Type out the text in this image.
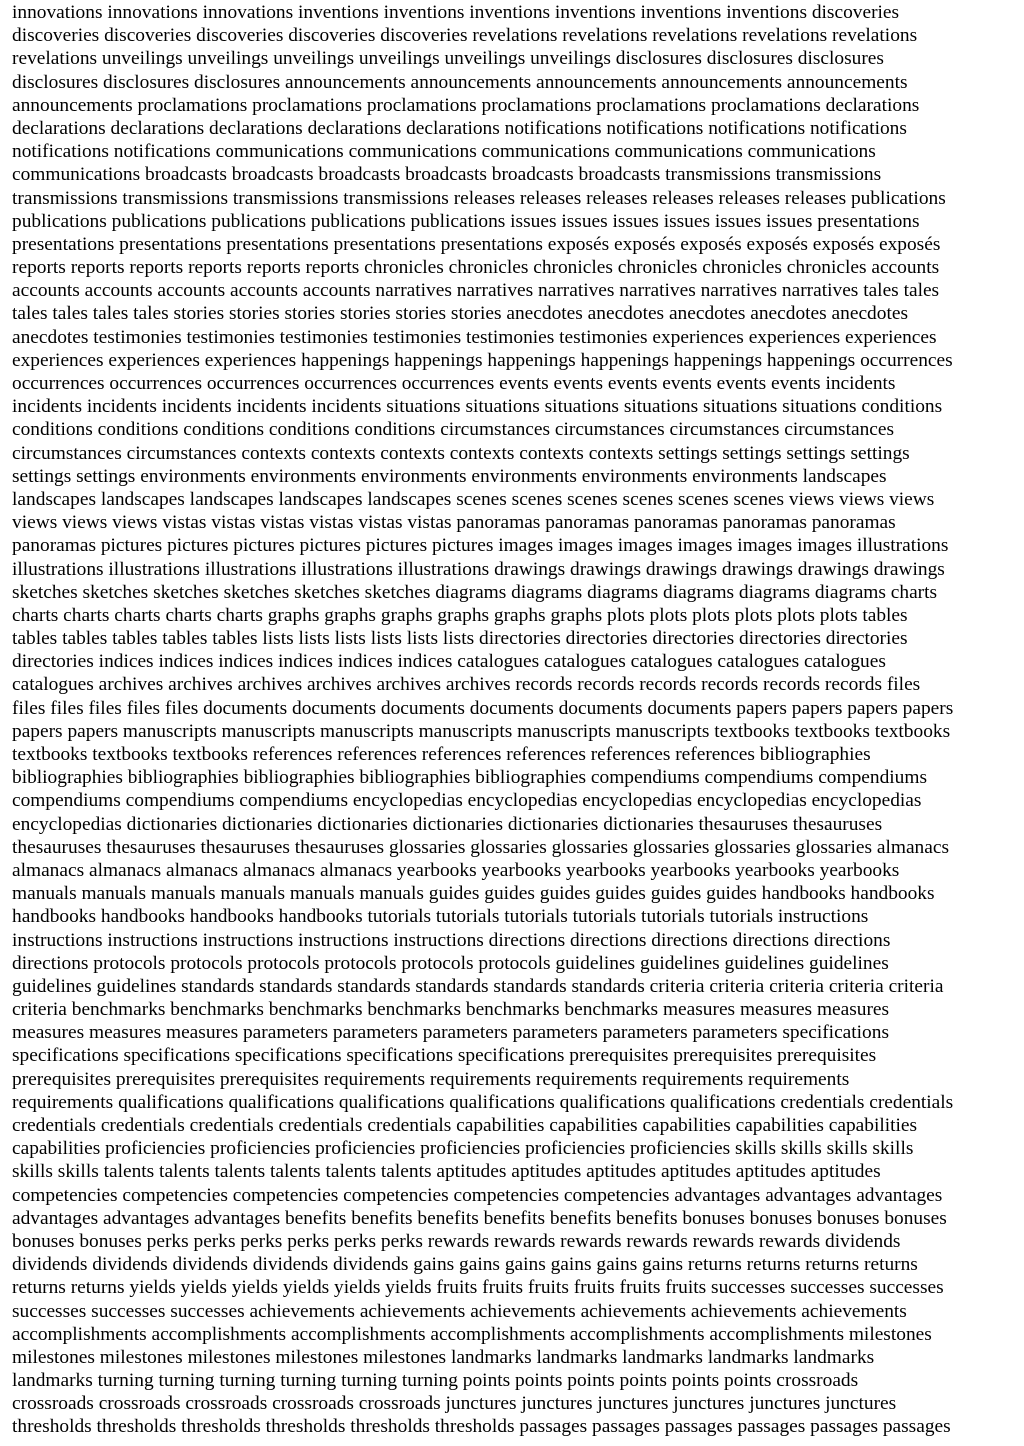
innovations innovations innovations inventions inventions inventions inventions inventions inventions discoveries

discoveries discoveries discoveries discoveries discoveries revelations revelations revelations revelations revelations

revelations unveilings unveilings unveilings unveilings unveilings unveilings disclosures disclosures disclosures

disclosures disclosures disclosures announcements announcements announcements announcements announcements

announcements proclamations proclamations proclamations proclamations proclamations proclamations declarations

declarations declarations declarations declarations declarations notifications notifications notifications notifications

notifications notifications communications communications communications communications communications

communications broadcasts broadcasts broadcasts broadcasts broadcasts broadcasts transmissions transmissions

transmissions transmissions transmissions transmissions releases releases releases releases releases releases publications

publications publications publications publications publications issues issues issues issues issues issues presentations

presentations presentations presentations presentations presentations exposés exposés exposés exposés exposés exposés

reports reports reports reports reports reports chronicles chronicles chronicles chronicles chronicles chronicles accounts

accounts accounts accounts accounts accounts narratives narratives narratives narratives narratives narratives tales tales

tales tales tales tales stories stories stories stories stories stories anecdotes anecdotes anecdotes anecdotes anecdotes

anecdotes testimonies testimonies testimonies testimonies testimonies testimonies experiences experiences experiences

experiences experiences experiences happenings happenings happenings happenings happenings happenings occurrences

occurrences occurrences occurrences occurrences occurrences events events events events events events incidents

incidents incidents incidents incidents incidents situations situations situations situations situations situations conditions

conditions conditions conditions conditions conditions circumstances circumstances circumstances circumstances

circumstances circumstances contexts contexts contexts contexts contexts contexts settings settings settings settings

settings settings environments environments environments environments environments environments landscapes

landscapes landscapes landscapes landscapes landscapes scenes scenes scenes scenes scenes scenes views views views

views views views vistas vistas vistas vistas vistas vistas panoramas panoramas panoramas panoramas panoramas

panoramas pictures pictures pictures pictures pictures pictures images images images images images images illustrations

illustrations illustrations illustrations illustrations illustrations drawings drawings drawings drawings drawings drawings

sketches sketches sketches sketches sketches sketches diagrams diagrams diagrams diagrams diagrams diagrams charts

charts charts charts charts charts graphs graphs graphs graphs graphs graphs plots plots plots plots plots plots tables

tables tables tables tables tables lists lists lists lists lists lists directories directories directories directories directories

directories indices indices indices indices indices indices catalogues catalogues catalogues catalogues catalogues

catalogues archives archives archives archives archives archives records records records records records records files

files files files files files documents documents documents documents documents documents papers papers papers papers

papers papers manuscripts manuscripts manuscripts manuscripts manuscripts manuscripts textbooks textbooks textbooks

textbooks textbooks textbooks references references references references references references bibliographies

bibliographies bibliographies bibliographies bibliographies bibliographies compendiums compendiums compendiums

compendiums compendiums compendiums encyclopedias encyclopedias encyclopedias encyclopedias encyclopedias

encyclopedias dictionaries dictionaries dictionaries dictionaries dictionaries dictionaries thesauruses thesauruses

thesauruses thesauruses thesauruses thesauruses glossaries glossaries glossaries glossaries glossaries glossaries almanacs

almanacs almanacs almanacs almanacs almanacs yearbooks yearbooks yearbooks yearbooks yearbooks yearbooks

manuals manuals manuals manuals manuals manuals guides guides guides guides guides guides handbooks handbooks

handbooks handbooks handbooks handbooks tutorials tutorials tutorials tutorials tutorials tutorials instructions

instructions instructions instructions instructions instructions directions directions directions directions directions

directions protocols protocols protocols protocols protocols protocols guidelines guidelines guidelines guidelines

guidelines guidelines standards standards standards standards standards standards criteria criteria criteria criteria criteria

criteria benchmarks benchmarks benchmarks benchmarks benchmarks benchmarks measures measures measures

measures measures measures parameters parameters parameters parameters parameters parameters specifications

specifications specifications specifications specifications specifications prerequisites prerequisites prerequisites

prerequisites prerequisites prerequisites requirements requirements requirements requirements requirements

requirements qualifications qualifications qualifications qualifications qualifications qualifications credentials credentials

credentials credentials credentials credentials credentials capabilities capabilities capabilities capabilities capabilities

capabilities proficiencies proficiencies proficiencies proficiencies proficiencies proficiencies skills skills skills skills

skills skills talents talents talents talents talents talents aptitudes aptitudes aptitudes aptitudes aptitudes aptitudes

competencies competencies competencies competencies competencies competencies advantages advantages advantages

advantages advantages advantages benefits benefits benefits benefits benefits benefits bonuses bonuses bonuses bonuses

bonuses bonuses perks perks perks perks perks perks rewards rewards rewards rewards rewards rewards dividends

dividends dividends dividends dividends dividends gains gains gains gains gains gains returns returns returns returns

returns returns yields yields yields yields yields yields fruits fruits fruits fruits fruits fruits successes successes successes

successes successes successes achievements achievements achievements achievements achievements achievements

accomplishments accomplishments accomplishments accomplishments accomplishments accomplishments milestones

milestones milestones milestones milestones milestones landmarks landmarks landmarks landmarks landmarks

landmarks turning turning turning turning turning turning points points points points points points crossroads

crossroads crossroads crossroads crossroads crossroads junctures junctures junctures junctures junctures junctures

thresholds thresholds thresholds thresholds thresholds thresholds passages passages passages passages passages passages
